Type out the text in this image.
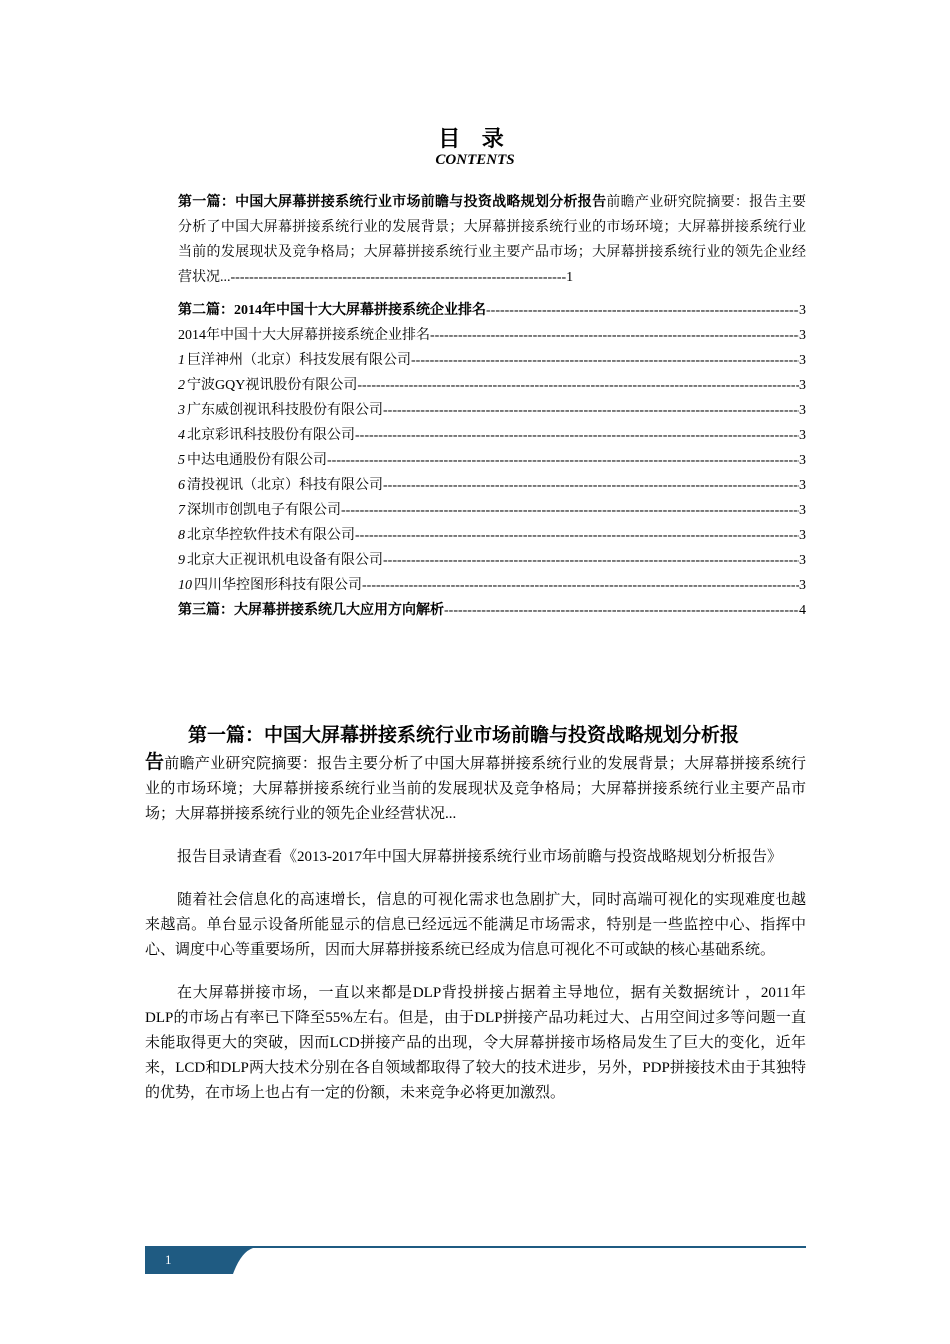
目 录
CONTENTS
第一篇：中国大屏幕拼接系统行业市场前瞻与投资战略规划分析报告前瞻产业研究院摘要：报告主要分析了中国大屏幕拼接系统行业的发展背景；大屏幕拼接系统行业的市场环境；大屏幕拼接系统行业当前的发展现状及竞争格局；大屏幕拼接系统行业主要产品市场；大屏幕拼接系统行业的领先企业经营状况...------------------------------------------------------------------------1
第二篇：2014年中国十大大屏幕拼接系统企业排名 -----	3
2014年中国十大大屏幕拼接系统企业排名 -----	3
1 巨洋神州（北京）科技发展有限公司 -----	3
2 宁波GQY视讯股份有限公司 -----	3
3 广东威创视讯科技股份有限公司 -----	3
4 北京彩讯科技股份有限公司 -----	3
5 中达电通股份有限公司 -----	3
6 清投视讯（北京）科技有限公司 -----	3
7 深圳市创凯电子有限公司 -----	3
8 北京华控软件技术有限公司 -----	3
9 北京大正视讯机电设备有限公司 -----	3
10 四川华控图形科技有限公司 -----	3
第三篇：大屏幕拼接系统几大应用方向解析 -----	4
第一篇：中国大屏幕拼接系统行业市场前瞻与投资战略规划分析报
告前瞻产业研究院摘要：报告主要分析了中国大屏幕拼接系统行业的发展背景；大屏幕拼接系统行业的市场环境；大屏幕拼接系统行业当前的发展现状及竞争格局；大屏幕拼接系统行业主要产品市场；大屏幕拼接系统行业的领先企业经营状况...
报告目录请查看《2013-2017年中国大屏幕拼接系统行业市场前瞻与投资战略规划分析报告》
随着社会信息化的高速增长，信息的可视化需求也急剧扩大，同时高端可视化的实现难度也越来越高。单台显示设备所能显示的信息已经远远不能满足市场需求，特别是一些监控中心、指挥中心、调度中心等重要场所，因而大屏幕拼接系统已经成为信息可视化不可或缺的核心基础系统。
在大屏幕拼接市场，一直以来都是DLP背投拼接占据着主导地位，据有关数据统计 ，2011年DLP的市场占有率已下降至55%左右。但是，由于DLP拼接产品功耗过大、占用空间过多等问题一直未能取得更大的突破，因而LCD拼接产品的出现，令大屏幕拼接市场格局发生了巨大的变化，近年来，LCD和DLP两大技术分别在各自领域都取得了较大的技术进步，另外，PDP拼接技术由于其独特的优势，在市场上也占有一定的份额，未来竞争必将更加激烈。
1
